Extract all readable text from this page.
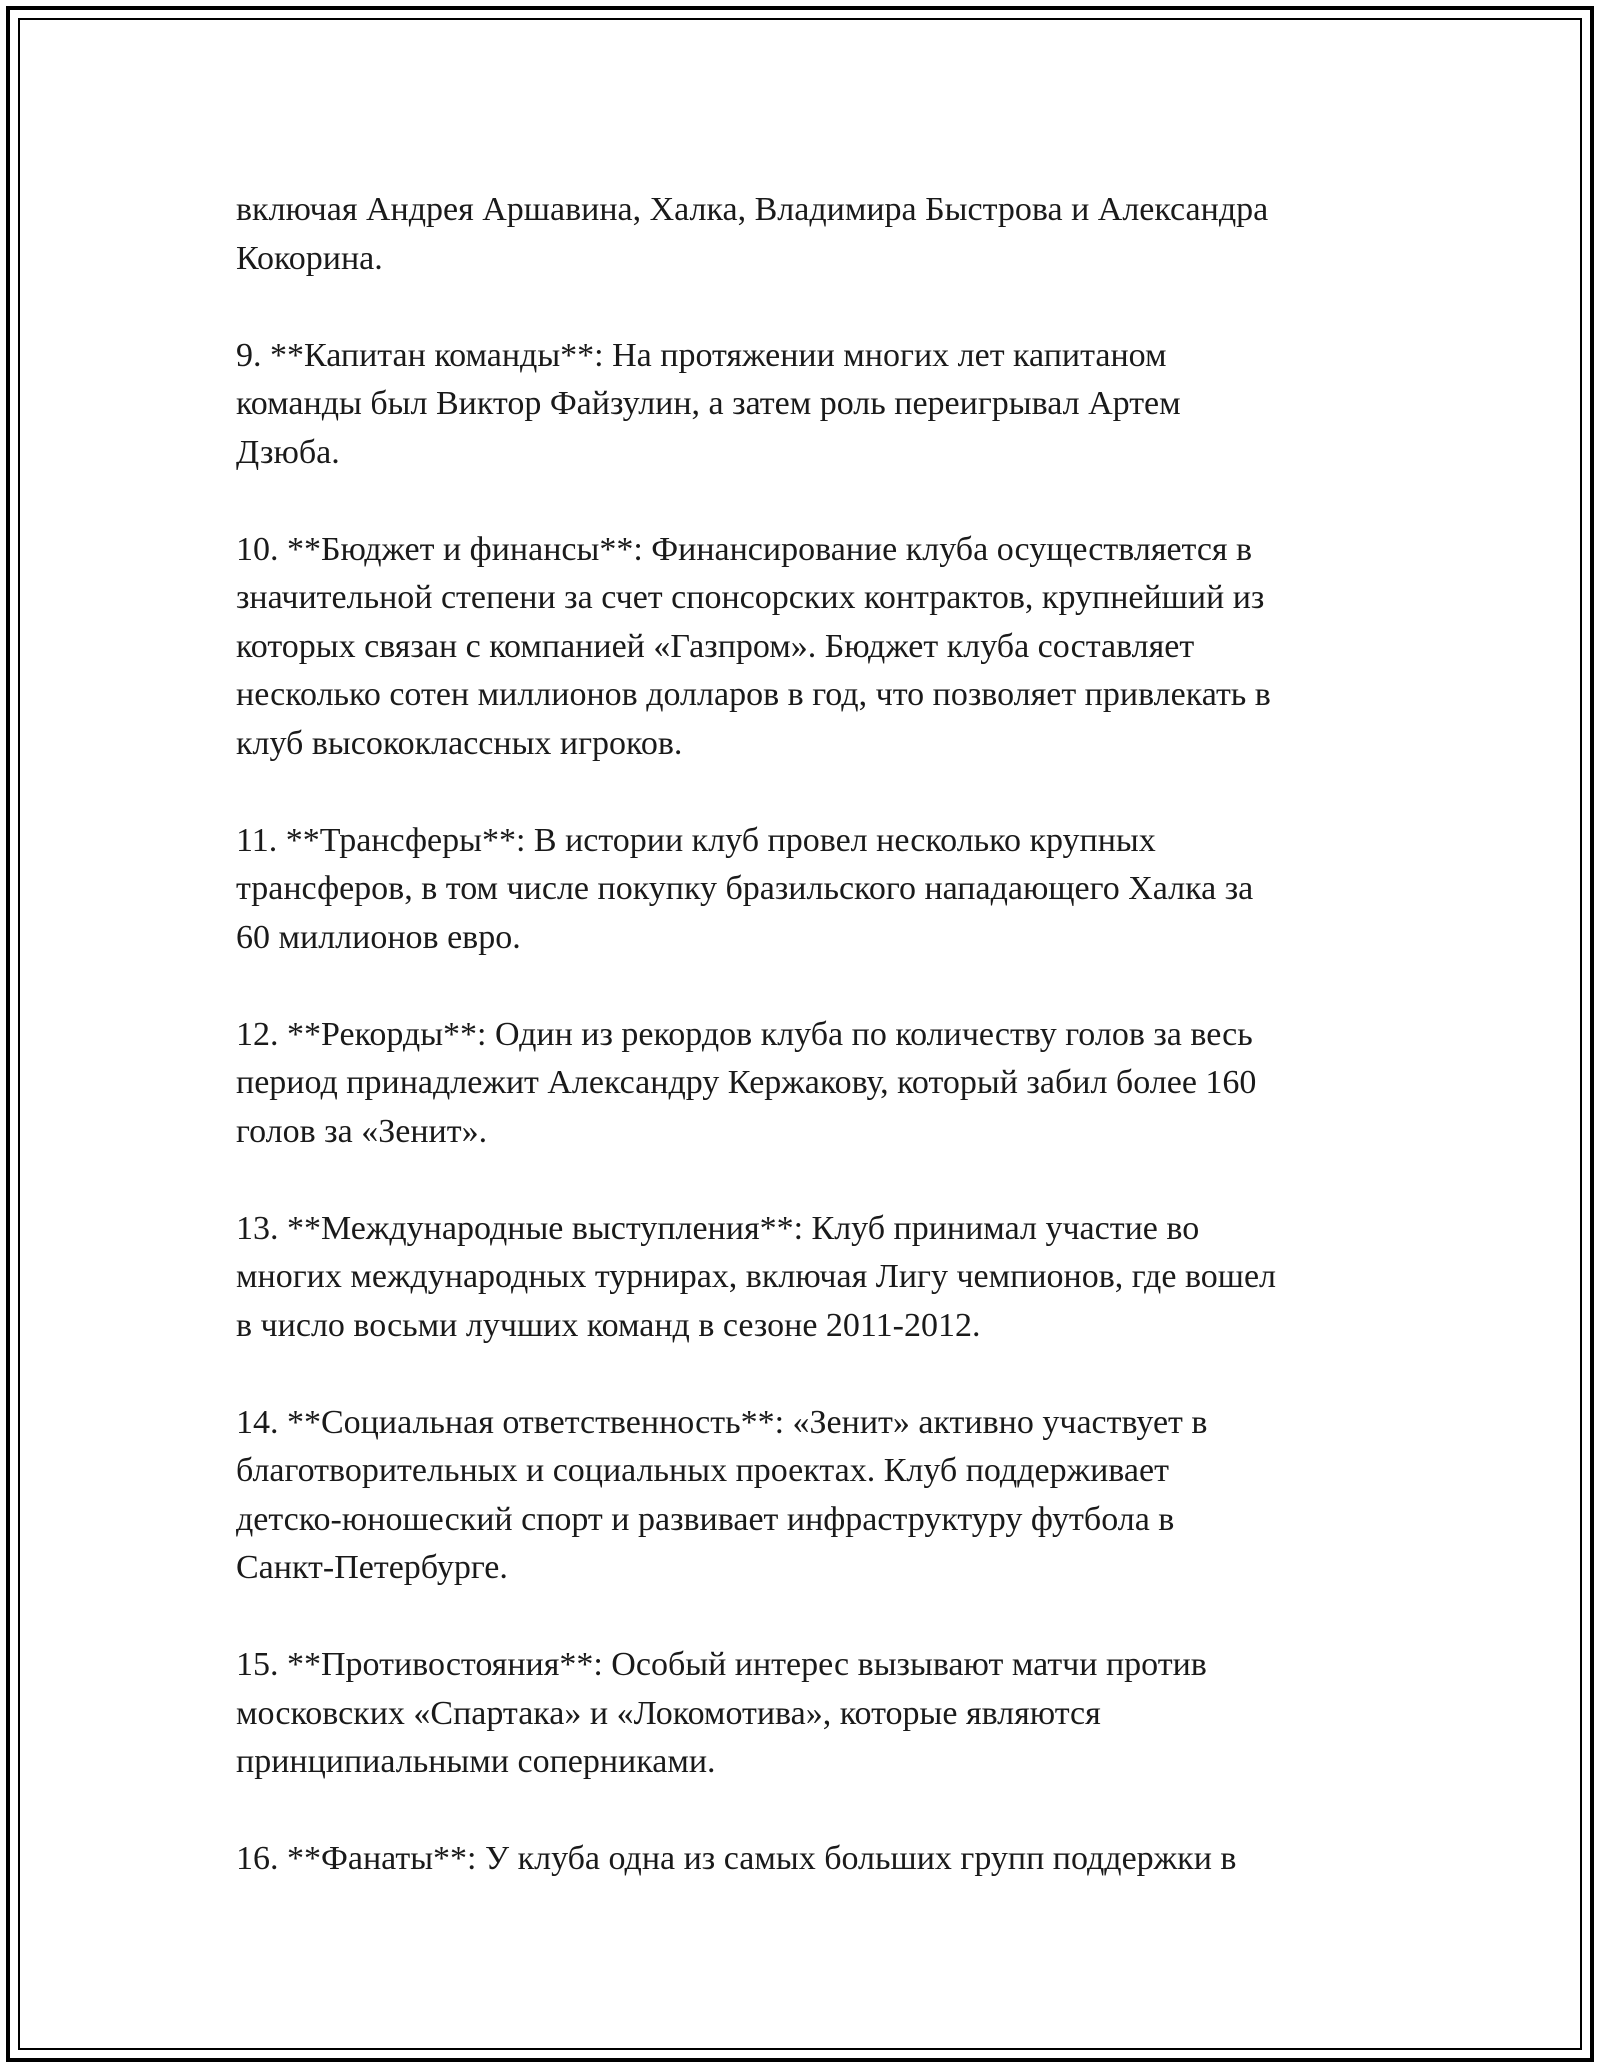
включая Андрея Аршавина, Халка, Владимира Быстрова и Александра
Кокорина.

9. **Капитан команды**: На протяжении многих лет капитаном
команды был Виктор Файзулин, а затем роль переигрывал Артем
Дзюба.

10. **Бюджет и финансы**: Финансирование клуба осуществляется в
значительной степени за счет спонсорских контрактов, крупнейший из
которых связан с компанией «Газпром». Бюджет клуба составляет
несколько сотен миллионов долларов в год, что позволяет привлекать в
клуб высококлассных игроков.

11. **Трансферы**: В истории клуб провел несколько крупных
трансферов, в том числе покупку бразильского нападающего Халка за
60 миллионов евро.

12. **Рекорды**: Один из рекордов клуба по количеству голов за весь
период принадлежит Александру Кержакову, который забил более 160
голов за «Зенит».

13. **Международные выступления**: Клуб принимал участие во
многих международных турнирах, включая Лигу чемпионов, где вошел
в число восьми лучших команд в сезоне 2011-2012.

14. **Социальная ответственность**: «Зенит» активно участвует в
благотворительных и социальных проектах. Клуб поддерживает
детско-юношеский спорт и развивает инфраструктуру футбола в
Санкт-Петербурге.

15. **Противостояния**: Особый интерес вызывают матчи против
московских «Спартака» и «Локомотива», которые являются
принципиальными соперниками.

16. **Фанаты**: У клуба одна из самых больших групп поддержки в
